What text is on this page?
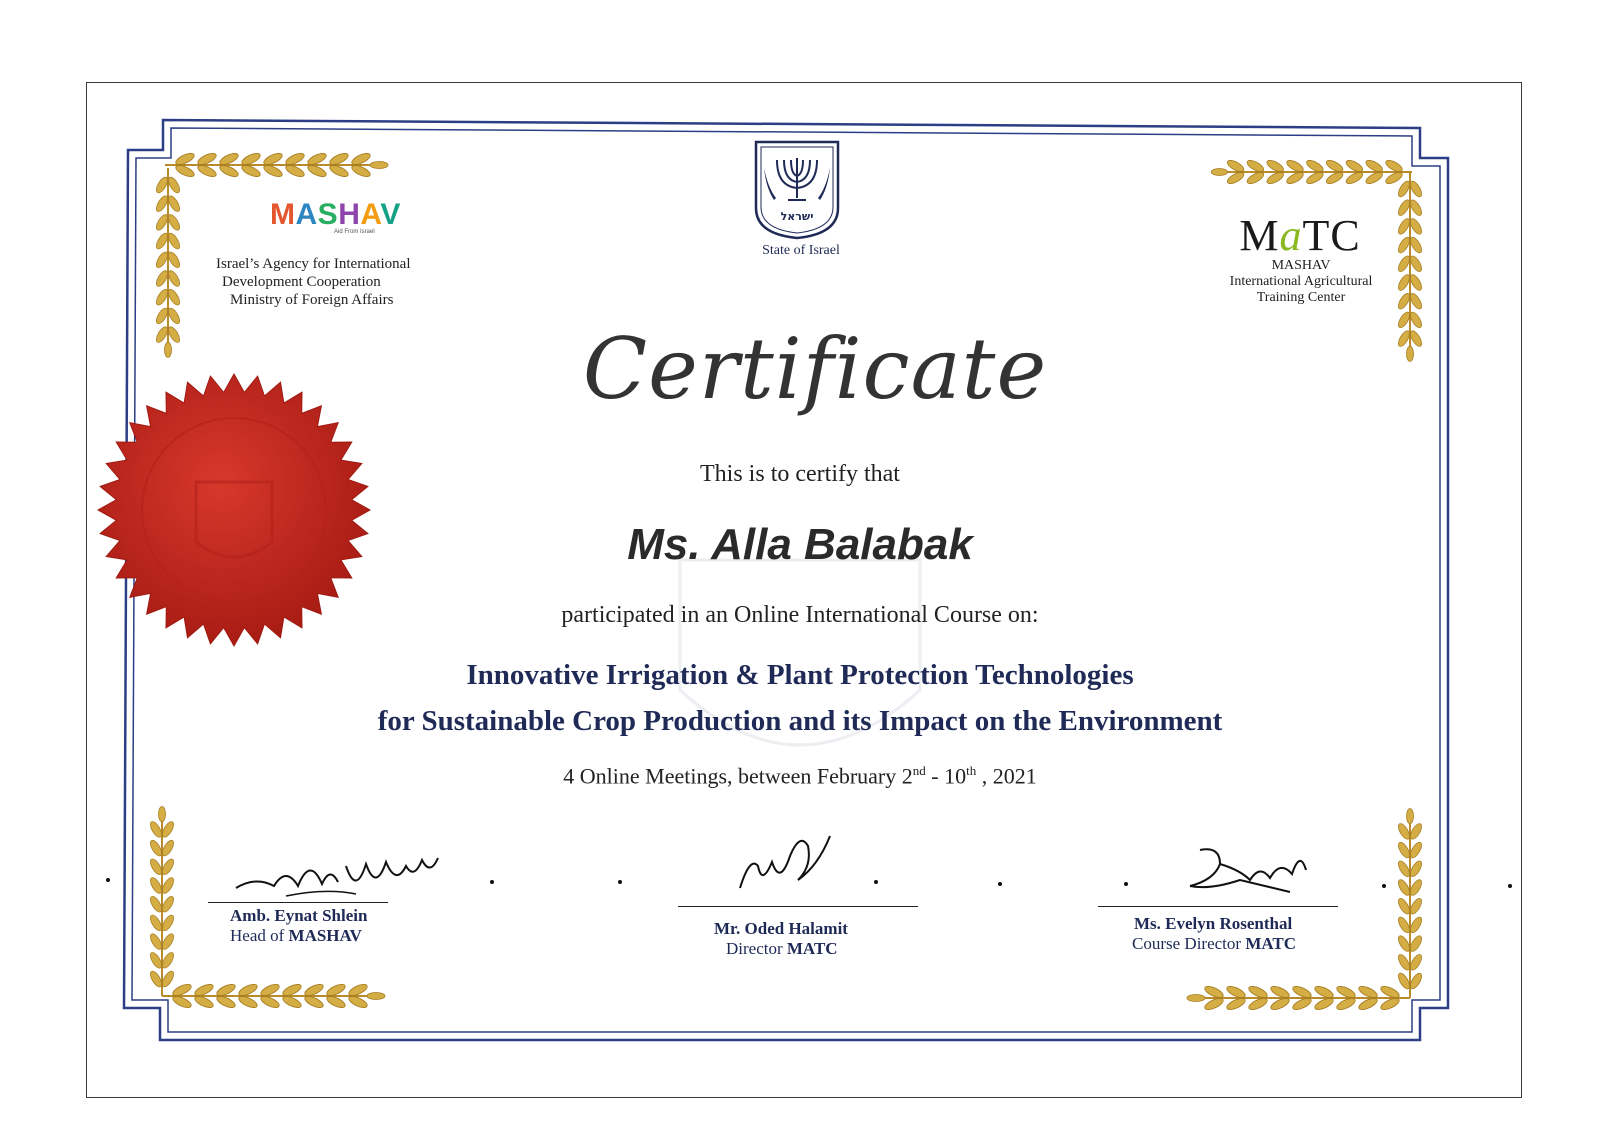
MASHAV
Aid From Israel
Israel’s Agency for International
Development Cooperation
Ministry of Foreign Affairs
ישראל
State of Israel	MaTC
MASHAV
International Agricultural
Training Center
Certificate
This is to certify that
Ms. Alla Balabak
participated in an Online International Course on:
Innovative Irrigation & Plant Protection Technologies
for Sustainable Crop Production and its Impact on the Environment
4 Online Meetings, between February 2nd - 10th , 2021
Amb. Eynat Shlein
Head of MASHAV	Mr. Oded Halamit
Director MATC
Ms. Evelyn Rosenthal
Course Director MATC
